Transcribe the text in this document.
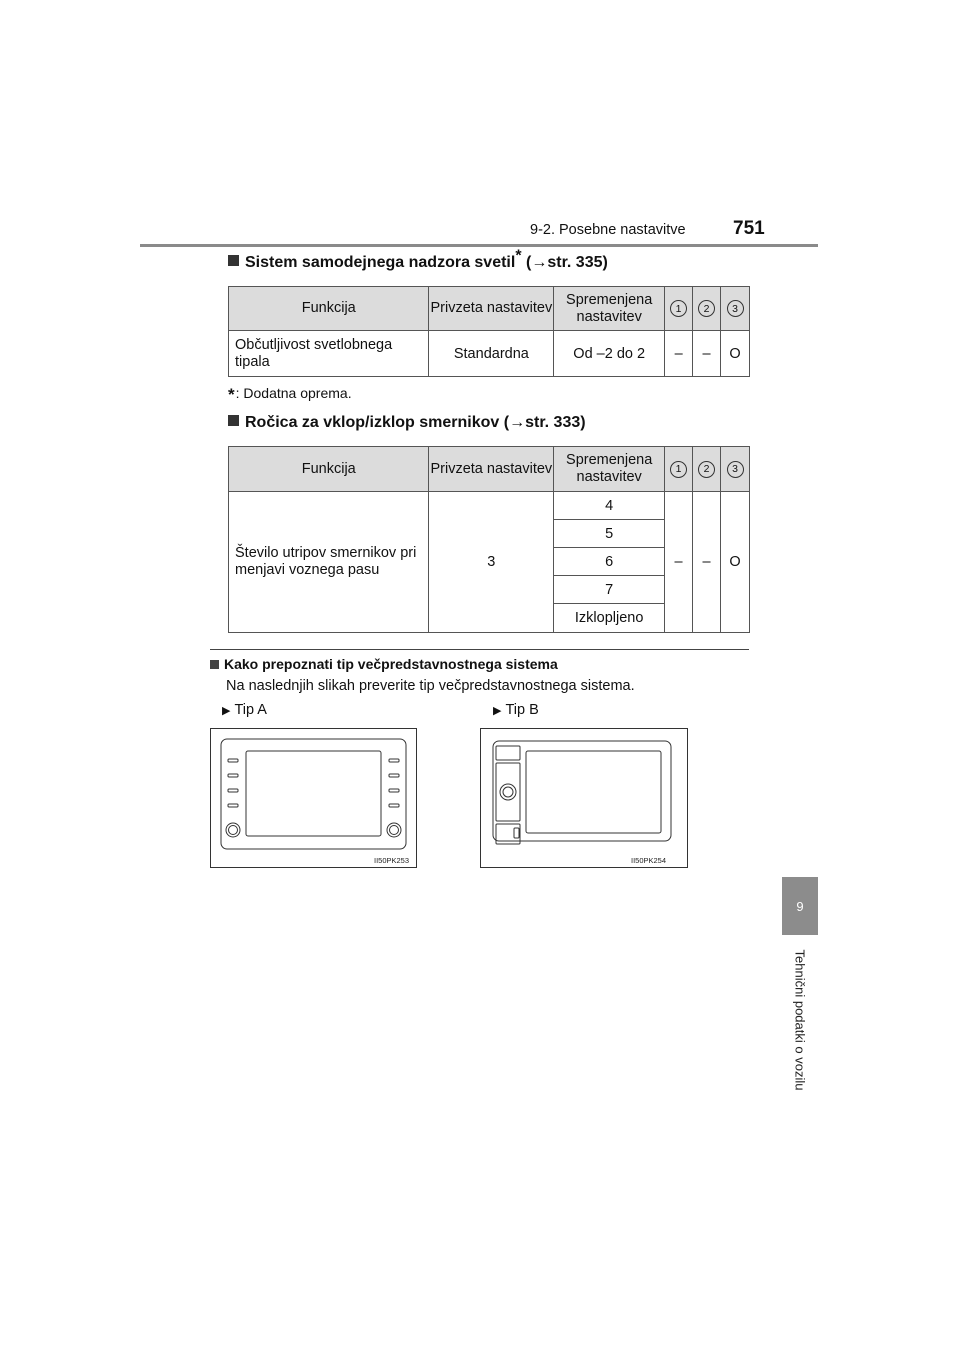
9-2. Posebne nastavitve 751
9
Tehnični podatki o vozilu
Sistem samodejnega nadzora svetil* (→str. 335)
Funkcija	Privzeta nastavitev	Spremenjena nastavitev	1	2	3
Občutljivost svetlobnega tipala	Standardna	Od –2 do 2	–	–	O
*: Dodatna oprema.
Ročica za vklop/izklop smernikov (→str. 333)
Funkcija	Privzeta nastavitev	Spremenjena nastavitev	1	2	3
Število utripov smernikov pri menjavi voznega pasu	3	4	–	–	O
		5			
		6			
		7			
		Izklopljeno			
Kako prepoznati tip večpredstavnostnega sistema
Na naslednjih slikah preverite tip večpredstavnostnega sistema.
▶ Tip A	▶ Tip B
II50PK253	II50PK254
